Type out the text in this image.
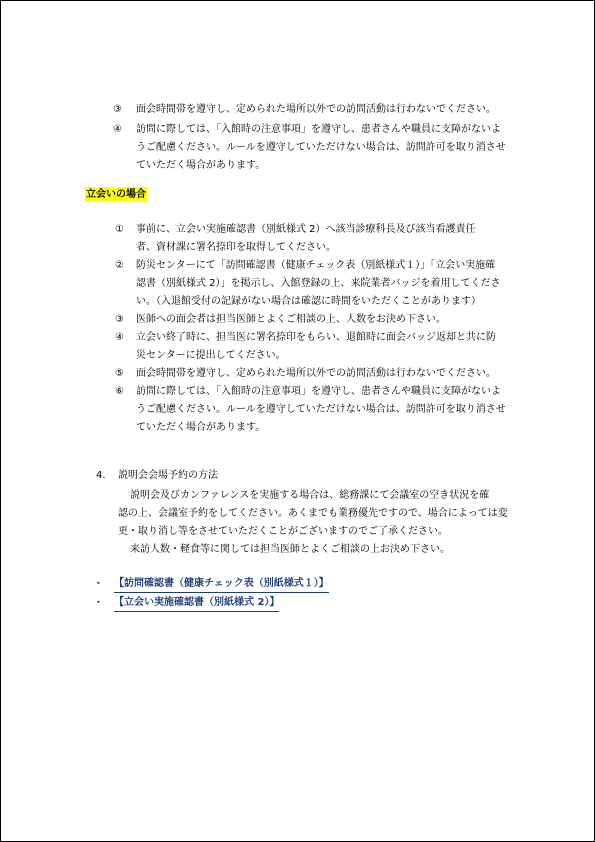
③ 面会時間帯を遵守し、定められた場所以外での訪問活動は行わないでください。
④ 訪問に際しては、「入館時の注意事項」を遵守し、患者さんや職員に支障がないよ
うご配慮ください。ルールを遵守していただけない場合は、訪問許可を取り消させ
ていただく場合があります。
立会いの場合
① 事前に、立会い実施確認書（別紙様式 2）へ該当診療科長及び該当看護責任
者、資材課に署名捺印を取得してください。
② 防災センターにて「訪問確認書（健康チェック表（別紙様式１）」「立会い実施確
認書（別紙様式 2）」を掲示し、入館登録の上、来院業者バッジを着用してくださ
い。（入退館受付の記録がない場合は確認に時間をいただくことがあります）
③ 医師への面会者は担当医師とよくご相談の上、人数をお決め下さい。
④ 立会い終了時に、担当医に署名捺印をもらい、退館時に面会バッジ返却と共に防
災センターに提出してください。
⑤ 面会時間帯を遵守し、定められた場所以外での訪問活動は行わないでください。
⑥ 訪問に際しては、「入館時の注意事項」を遵守し、患者さんや職員に支障がないよ
うご配慮ください。ルールを遵守していただけない場合は、訪問許可を取り消させ
ていただく場合があります。
4． 説明会会場予約の方法
説明会及びカンファレンスを実施する場合は、総務課にて会議室の空き状況を確
認の上、会議室予約をしてください。あくまでも業務優先ですので、場合によっては変
更・取り消し等をさせていただくことがございますのでご了承ください。
来訪人数・軽食等に関しては担当医師とよくご相談の上お決め下さい。
• 【訪問確認書（健康チェック表（別紙様式１）】
• 【立会い実施確認書（別紙様式 2）】
